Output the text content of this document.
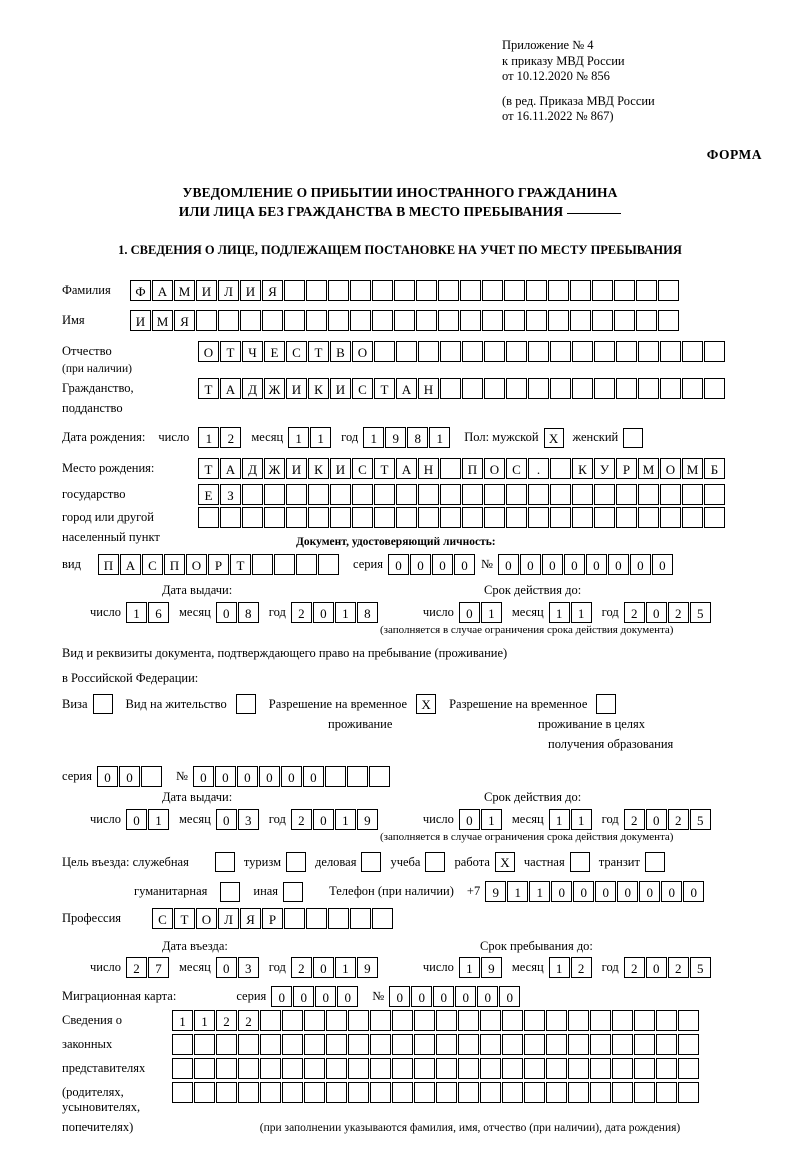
Приложение № 4
к приказу МВД России
от 10.12.2020 № 856
(в ред. Приказа МВД России
от 16.11.2022 № 867)
ФОРМА
УВЕДОМЛЕНИЕ О ПРИБЫТИИ ИНОСТРАННОГО ГРАЖДАНИНА
ИЛИ ЛИЦА БЕЗ ГРАЖДАНСТВА В МЕСТО ПРЕБЫВАНИЯ
1. СВЕДЕНИЯ О ЛИЦЕ, ПОДЛЕЖАЩЕМ ПОСТАНОВКЕ НА УЧЕТ ПО МЕСТУ ПРЕБЫВАНИЯ
Фамилия	Ф А М И Л И Я
Имя	И М Я
Отчество	О	Т	Ч	Е	С	Т	В О
(при наличии)
Гражданство,	Т	А Д Ж И К И С	Т	А Н
подданство
Дата рождения: число	1	2	месяц 1	1	год 1	9	8	1	Пол: мужской Х	женский
Место рождения:	Т	А Д Ж И К И С	Т	А Н	П О С	.	К	У	Р М О М Б
государство	Е	З
город или другой
населенный пункт	Документ, удостоверяющий личность:
вид	П А С П О	Р	Т	серия 0	0	0	0	№ 0	0	0	0	0	0	0	0
Дата выдачи:	Срок действия до:
число 1	6	месяц 0	8	год 2	0	1	8	число 0	1	месяц 1	1	год 2	0	2	5
(заполняется в случае ограничения срока действия документа)
Вид и реквизиты документа, подтверждающего право на пребывание (проживание)
в Российской Федерации:
Виза	Вид на жительство	Разрешение на временное	Х	Разрешение на временное
проживание	проживание в целях
получения образования
серия 0	0	№ 0	0	0	0	0	0
Дата выдачи:	Срок действия до:
число 0	1	месяц 0	3	год 2	0	1	9	число 0	1	месяц 1	1	год 2	0	2	5
(заполняется в случае ограничения срока действия документа)
Цель въезда: служебная	туризм	деловая	учеба	работа Х	частная	транзит
гуманитарная	иная	Телефон (при наличии) +7 9	1	1	0	0	0	0	0	0	0
Профессия	С	Т	О Л	Я	Р
Дата въезда:	Срок пребывания до:
число 2	7	месяц 0	3	год 2	0	1	9	число 1	9	месяц 1	2	год 2	0	2	5
Миграционная карта:	серия 0	0	0	0	№ 0	0	0	0	0	0
Сведения о	1	1	2	2
законных
представителях
(родителях,
усыновителях,
попечителях)	(при заполнении указываются фамилия, имя, отчество (при наличии), дата рождения)
